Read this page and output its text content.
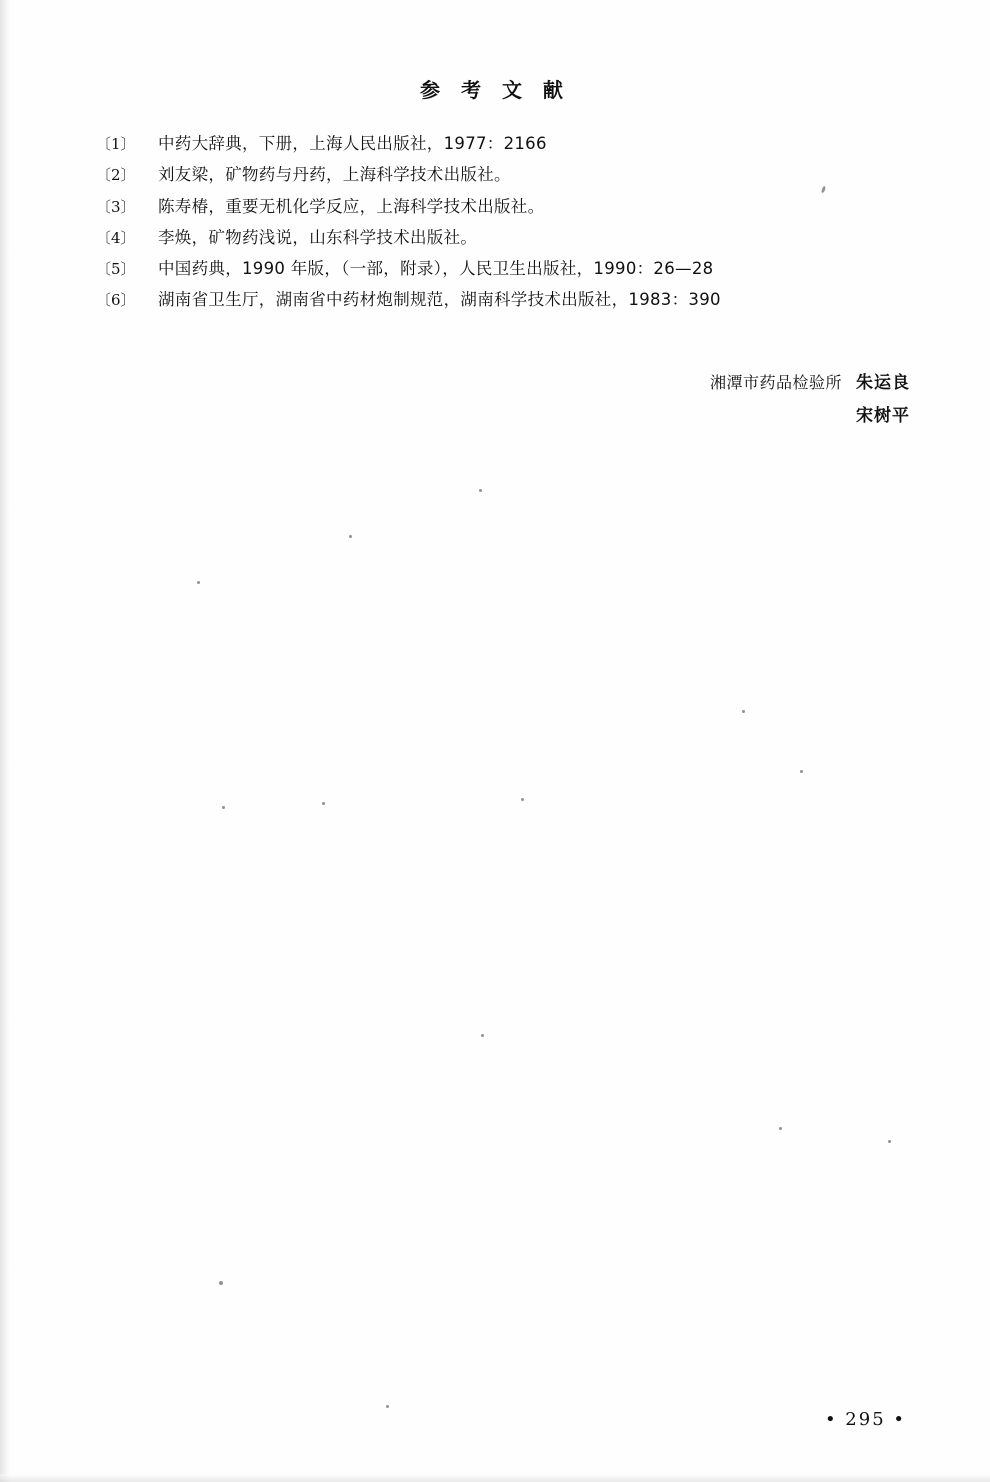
参 考 文 献
〔1〕	中药大辞典，下册，上海人民出版社，1977：2166
〔2〕	刘友梁，矿物药与丹药，上海科学技术出版社。
〔3〕	陈寿椿，重要无机化学反应，上海科学技术出版社。
〔4〕	李焕，矿物药浅说，山东科学技术出版社。
〔5〕	中国药典，1990 年版，（一部，附录），人民卫生出版社，1990：26—28
〔6〕	湖南省卫生厅，湖南省中药材炮制规范，湖南科学技术出版社，1983：390
湘潭市药品检验所 朱运良
宋树平
• 295 •
